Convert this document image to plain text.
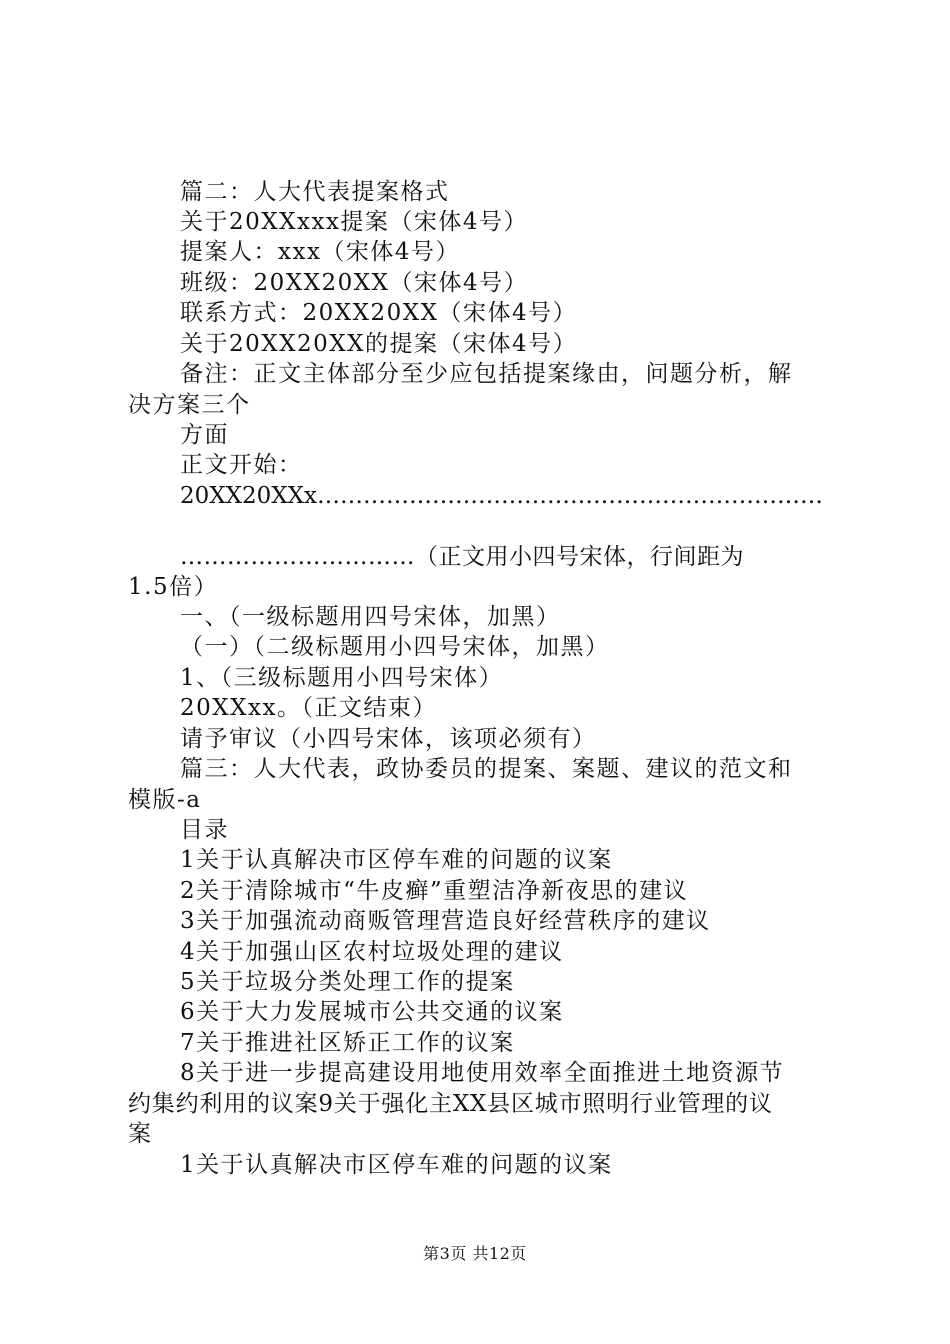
篇二：人大代表提案格式
关于20XXxxx提案（宋体4号）
提案人：xxx（宋体4号）
班级：20XX20XX（宋体4号）
联系方式：20XX20XX（宋体4号）
关于20XX20XX的提案（宋体4号）
备注：正文主体部分至少应包括提案缘由，问题分析，解
决方案三个
方面
正文开始：
20XX20XXx…………………………………………………………
…………………………（正文用小四号宋体，行间距为
1.5倍）
一、（一级标题用四号宋体，加黑）
（一）（二级标题用小四号宋体，加黑）
1、（三级标题用小四号宋体）
20XXxx。（正文结束）
请予审议（小四号宋体，该项必须有）
篇三：人大代表，政协委员的提案、案题、建议的范文和
模版-a
目录
1关于认真解决市区停车难的问题的议案
2关于清除城市“牛皮癣”重塑洁净新夜思的建议
3关于加强流动商贩管理营造良好经营秩序的建议
4关于加强山区农村垃圾处理的建议
5关于垃圾分类处理工作的提案
6关于大力发展城市公共交通的议案
7关于推进社区矫正工作的议案
8关于进一步提高建设用地使用效率全面推进土地资源节
约集约利用的议案9关于强化主XX县区城市照明行业管理的议
案
1关于认真解决市区停车难的问题的议案
第3页 共12页
